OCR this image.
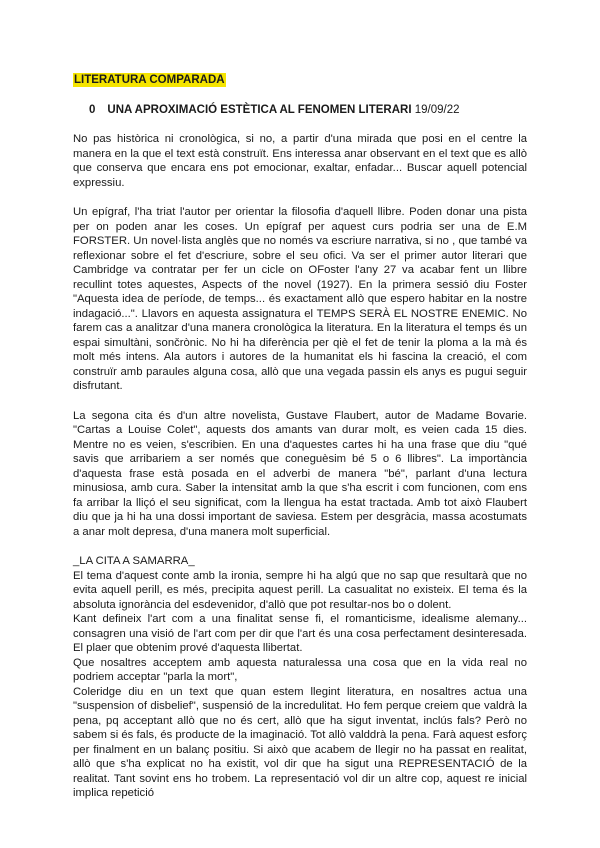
LITERATURA COMPARADA
0 UNA APROXIMACIÓ ESTÈTICA AL FENOMEN LITERARI 19/09/22

No pas històrica ni cronològica, si no, a partir d'una mirada que posi en el centre la manera en la que el text està construït. Ens interessa anar observant en el text que es allò que conserva que encara ens pot emocionar, exaltar, enfadar... Buscar aquell potencial expressiu.

Un epígraf, l'ha triat l'autor per orientar la filosofia d'aquell llibre. Poden donar una pista per on poden anar les coses. Un epígraf per aquest curs podria ser una de E.M FORSTER. Un novel·lista anglès que no només va escriure narrativa, si no , que també va reflexionar sobre el fet d'escriure, sobre el seu ofici. Va ser el primer autor literari que Cambridge va contratar per fer un cicle on OFoster l'any 27 va acabar fent un llibre recullint totes aquestes, Aspects of the novel (1927). En la primera sessió diu Foster "Aquesta idea de període, de temps... és exactament allò que espero habitar en la nostre indagació...". Llavors en aquesta assignatura el TEMPS SERÀ EL NOSTRE ENEMIC. No farem cas a analitzar d'una manera cronològica la literatura. En la literatura el temps és un espai simultàni, sončrònic. No hi ha diferència per qiè el fet de tenir la ploma a la mà és molt més intens. Ala autors i autores de la humanitat els hi fascina la creació, el com construïr amb paraules alguna cosa, allò que una vegada passin els anys es pugui seguir disfrutant.

La segona cita és d'un altre novelista, Gustave Flaubert, autor de Madame Bovarie. "Cartas a Louise Colet", aquests dos amants van durar molt, es veien cada 15 dies. Mentre no es veien, s'escribien. En una d'aquestes cartes hi ha una frase que diu "qué savis que arribariem a ser només que coneguèsim bé 5 o 6 llibres". La importància d'aquesta frase està posada en el adverbi de manera "bé", parlant d'una lectura minusiosa, amb cura. Saber la intensitat amb la que s'ha escrit i com funcionen, com ens fa arribar la lliçó el seu significat, com la llengua ha estat tractada. Amb tot això Flaubert diu que ja hi ha una dossi important de saviesa. Estem per desgràcia, massa acostumats a anar molt depresa, d'una manera molt superficial.

_LA CITA A SAMARRA_

El tema d'aquest conte amb la ironia, sempre hi ha algú que no sap que resultarà que no evita aquell perill, es més, precipita aquest perill. La casualitat no existeix. El tema és la absoluta ignorància del esdevenidor, d'allò que pot resultar-nos bo o dolent.

Kant defineix l'art com a una finalitat sense fi, el romanticisme, idealisme alemany... consagren una visió de l'art com per dir que l'art és una cosa perfectament desinteresada. El plaer que obtenim prové d'aquesta llibertat.

Que nosaltres acceptem amb aquesta naturalessa una cosa que en la vida real no podriem acceptar "parla la mort",

Coleridge diu en un text que quan estem llegint literatura, en nosaltres actua una "suspension of disbelief", suspensió de la incredulitat. Ho fem perque creiem que valdrà la pena, pq acceptant allò que no és cert, allò que ha sigut inventat, inclús fals? Però no sabem si és fals, és producte de la imaginació. Tot allò valddrà la pena. Farà aquest esforç per finalment en un balanç positiu. Si això que acabem de llegir no ha passat en realitat, allò que s'ha explicat no ha existit, vol dir que ha sigut una REPRESENTACIÓ de la realitat. Tant sovint ens ho trobem. La representació vol dir un altre cop, aquest re inicial implica repetició
